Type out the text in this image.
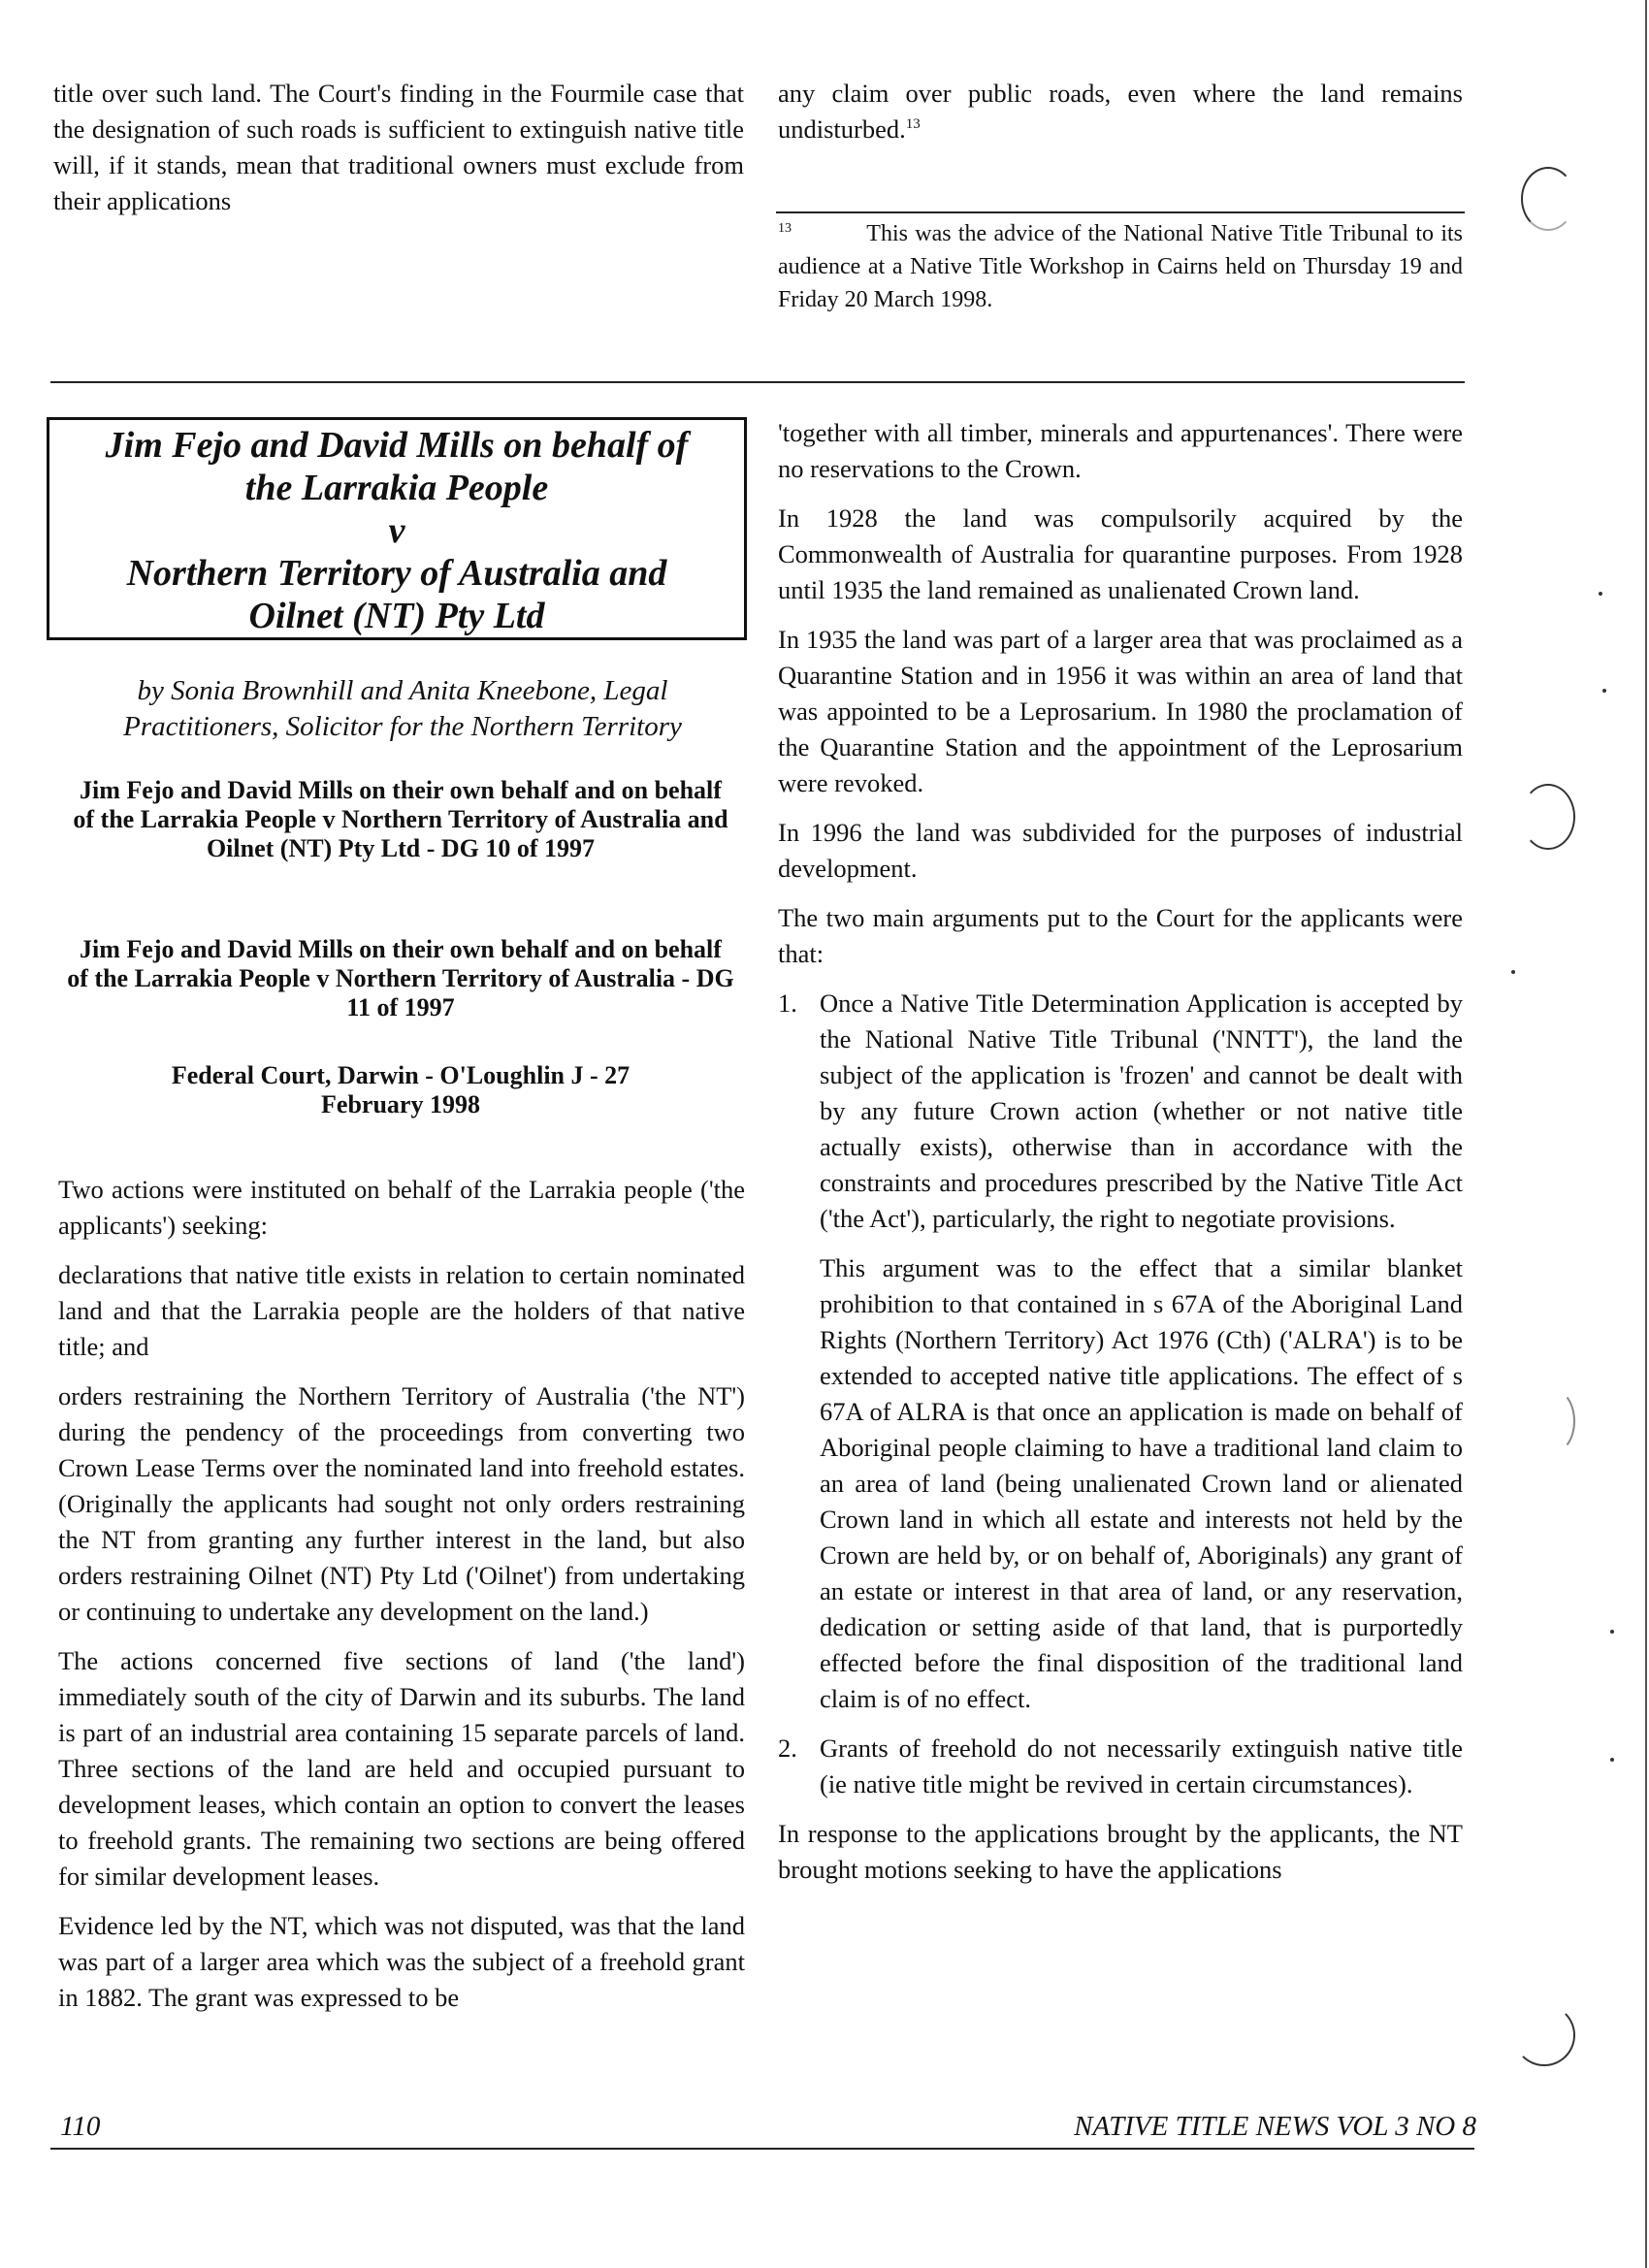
title over such land. The Court's finding in the Fourmile case that the designation of such roads is sufficient to extinguish native title will, if it stands, mean that traditional owners must exclude from their applications

any claim over public roads, even where the land remains undisturbed.$^{13}$

$^{13}$	This was the advice of the National Native Title Tribunal to its audience at a Native Title Workshop in Cairns held on Thursday 19 and Friday 20 March 1998.
Jim Fejo and David Mills on behalf of
the Larrakia People
v
Northern Territory of Australia and
Oilnet (NT) Pty Ltd
by Sonia Brownhill and Anita Kneebone, Legal Practitioners, Solicitor for the Northern Territory
Jim Fejo and David Mills on their own behalf and on behalf of the Larrakia People v Northern Territory of Australia and Oilnet (NT) Pty Ltd - DG 10 of 1997
Jim Fejo and David Mills on their own behalf and on behalf of the Larrakia People v Northern Territory of Australia - DG 11 of 1997
Federal Court, Darwin - O'Loughlin J - 27 February 1998

Two actions were instituted on behalf of the Larrakia people ('the applicants') seeking:

declarations that native title exists in relation to certain nominated land and that the Larrakia people are the holders of that native title; and

orders restraining the Northern Territory of Australia ('the NT') during the pendency of the proceedings from converting two Crown Lease Terms over the nominated land into freehold estates. (Originally the applicants had sought not only orders restraining the NT from granting any further interest in the land, but also orders restraining Oilnet (NT) Pty Ltd ('Oilnet') from undertaking or continuing to undertake any development on the land.)

The actions concerned five sections of land ('the land') immediately south of the city of Darwin and its suburbs. The land is part of an industrial area containing 15 separate parcels of land. Three sections of the land are held and occupied pursuant to development leases, which contain an option to convert the leases to freehold grants. The remaining two sections are being offered for similar development leases.

Evidence led by the NT, which was not disputed, was that the land was part of a larger area which was the subject of a freehold grant in 1882. The grant was expressed to be

'together with all timber, minerals and appurtenances'. There were no reservations to the Crown.

In 1928 the land was compulsorily acquired by the Commonwealth of Australia for quarantine purposes. From 1928 until 1935 the land remained as unalienated Crown land.

In 1935 the land was part of a larger area that was proclaimed as a Quarantine Station and in 1956 it was within an area of land that was appointed to be a Leprosarium. In 1980 the proclamation of the Quarantine Station and the appointment of the Leprosarium were revoked.

In 1996 the land was subdivided for the purposes of industrial development.

The two main arguments put to the Court for the applicants were that:

1. Once a Native Title Determination Application is accepted by the National Native Title Tribunal ('NNTT'), the land the subject of the application is 'frozen' and cannot be dealt with by any future Crown action (whether or not native title actually exists), otherwise than in accordance with the constraints and procedures prescribed by the Native Title Act ('the Act'), particularly, the right to negotiate provisions.

This argument was to the effect that a similar blanket prohibition to that contained in s 67A of the Aboriginal Land Rights (Northern Territory) Act 1976 (Cth) ('ALRA') is to be extended to accepted native title applications. The effect of s 67A of ALRA is that once an application is made on behalf of Aboriginal people claiming to have a traditional land claim to an area of land (being unalienated Crown land or alienated Crown land in which all estate and interests not held by the Crown are held by, or on behalf of, Aboriginals) any grant of an estate or interest in that area of land, or any reservation, dedication or setting aside of that land, that is purportedly effected before the final disposition of the traditional land claim is of no effect.

2. Grants of freehold do not necessarily extinguish native title (ie native title might be revived in certain circumstances).

In response to the applications brought by the applicants, the NT brought motions seeking to have the applications

110	NATIVE TITLE NEWS VOL 3 NO 8
